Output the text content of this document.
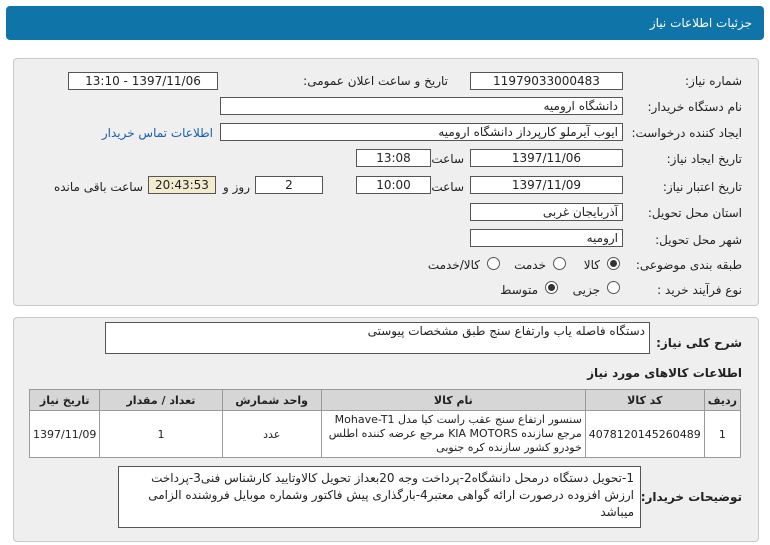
جزئیات اطلاعات نیاز
شماره نیاز:
11979033000483
تاریخ و ساعت اعلان عمومی:
1397/11/06 - 13:10
نام دستگاه خریدار:
دانشگاه ارومیه
ایجاد کننده درخواست:
ایوب آیرملو کارپرداز دانشگاه ارومیه
اطلاعات تماس خریدار
تاریخ ایجاد نیاز:
1397/11/06
ساعت
13:08
تاریخ اعتبار نیاز:
1397/11/09
ساعت
10:00
2
روز و
20:43:53
ساعت باقی مانده
استان محل تحویل:
آذربایجان غربی
شهر محل تحویل:
ارومیه
طبقه بندی موضوعی:
کالا
خدمت
کالا/خدمت
نوع فرآیند خرید :
جزیی
متوسط
شرح کلی نیاز:
دستگاه فاصله یاب وارتفاع سنج طبق مشخصات پیوستی
اطلاعات کالاهای مورد نیاز
ردیف	کد کالا	نام کالا	واحد شمارش	تعداد / مقدار	تاریخ نیاز
1	4078120145260489	سنسور ارتفاع سنج عقب راست کیا مدل Mohave-T1 مرجع سازنده KIA MOTORS مرجع عرضه کننده اطلس خودرو کشور سازنده کره جنوبی	عدد	1	1397/11/09
توضیحات خریدار:
1-تحویل دستگاه درمحل دانشگاه2-پرداخت وجه 20بعداز تحویل کالاوتایید کارشناس فنی3-پرداخت ارزش افزوده درصورت ارائه گواهی معتبر4-بارگذاری پیش فاکتور وشماره موبایل فروشنده الزامی میباشد
